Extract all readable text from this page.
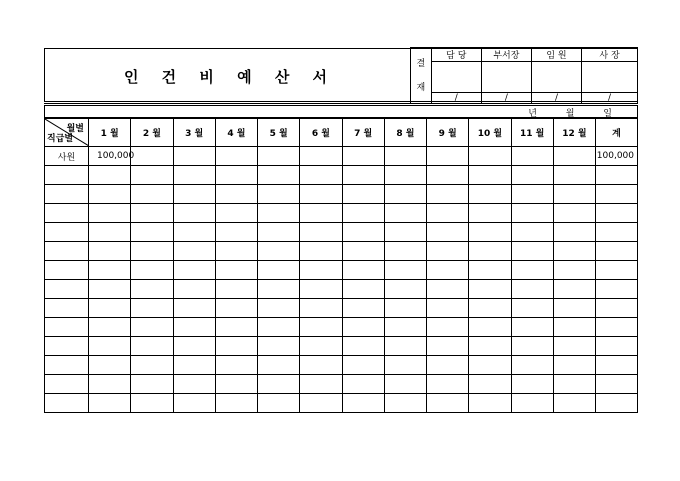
인 건 비 예 산 서
결
재	담 당	부서장	임 원	사 장

	/	/	/	/
년 월 일
월별
직급별	1 월	2 월	3 월	4 월	5 월	6 월	7 월	8 월	9 월	10 월	11 월	12 월	계
사원	100,000												100,000
